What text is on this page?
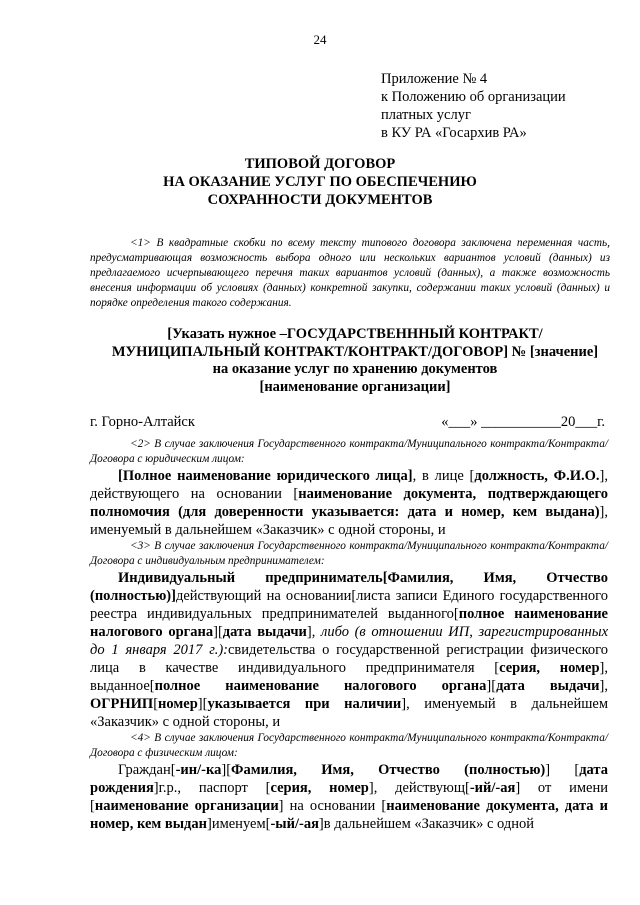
24
Приложение № 4
к Положению об организации
платных услуг
в КУ РА «Госархив РА»
ТИПОВОЙ ДОГОВОР
НА ОКАЗАНИЕ УСЛУГ ПО ОБЕСПЕЧЕНИЮ
СОХРАННОСТИ ДОКУМЕНТОВ
<1> В квадратные скобки по всему тексту типового договора заключена переменная часть, предусматривающая возможность выбора одного или нескольких вариантов условий (данных) из предлагаемого исчерпывающего перечня таких вариантов условий (данных), а также возможность внесения информации об условиях (данных) конкретной закупки, содержании таких условий (данных) и порядке определения такого содержания.
[Указать нужное –ГОСУДАРСТВЕНННЫЙ КОНТРАКТ/
МУНИЦИПАЛЬНЫЙ КОНТРАКТ/КОНТРАКТ/ДОГОВОР] № [значение]
на оказание услуг по хранению документов
[наименование организации]
г. Горно-Алтайск	«___» ___________20___г.
<2> В случае заключения Государственного контракта/Муниципального контракта/Контракта/Договора с юридическим лицом:
[Полное наименование юридического лица], в лице [должность, Ф.И.О.], действующего на основании [наименование документа, подтверждающего полномочия (для доверенности указывается: дата и номер, кем выдана)], именуемый в дальнейшем «Заказчик» с одной стороны, и
<3> В случае заключения Государственного контракта/Муниципального контракта/Контракта/Договора с индивидуальным предпринимателем:
Индивидуальный предприниматель[Фамилия, Имя, Отчество (полностью)]действующий на основании[листа записи Единого государственного реестра индивидуальных предпринимателей выданного[полное наименование налогового органа][дата выдачи], либо (в отношении ИП, зарегистрированных до 1 января 2017 г.):свидетельства о государственной регистрации физического лица в качестве индивидуального предпринимателя [серия, номер], выданное[полное наименование налогового органа][дата выдачи], ОГРНИП[номер][указывается при наличии], именуемый в дальнейшем «Заказчик» с одной стороны, и
<4> В случае заключения Государственного контракта/Муниципального контракта/Контракта/Договора с физическим лицом:
Граждан[-ин/-ка][Фамилия, Имя, Отчество (полностью)] [дата рождения]г.р., паспорт [серия, номер], действующ[-ий/-ая] от имени [наименование организации] на основании [наименование документа, дата и номер, кем выдан]именуем[-ый/-ая]в дальнейшем «Заказчик» с одной
